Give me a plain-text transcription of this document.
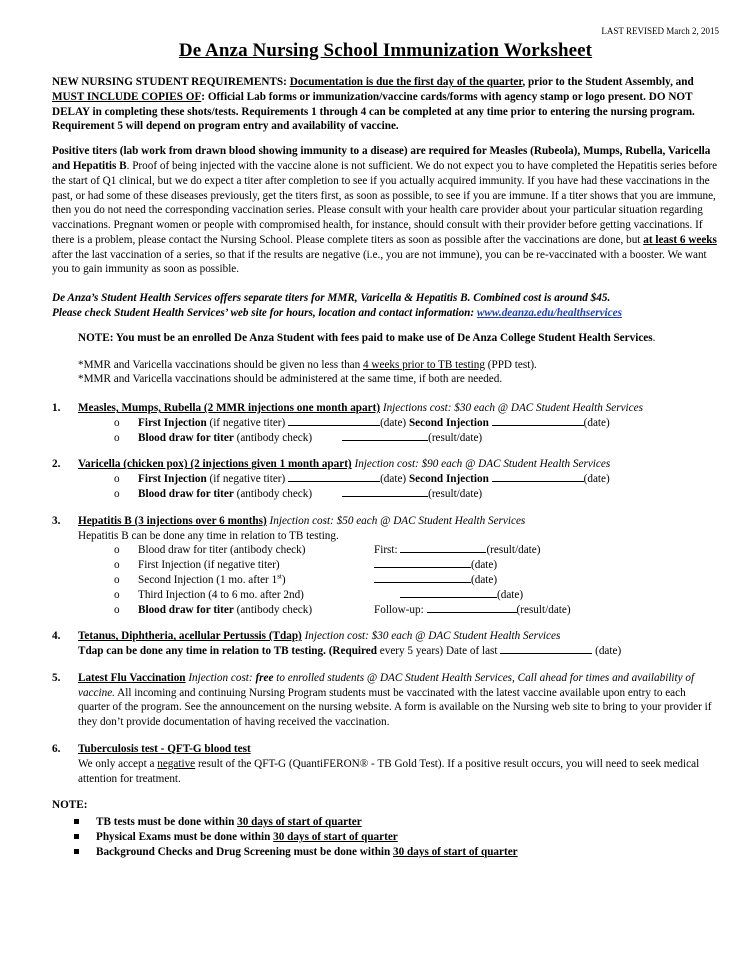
LAST REVISED March 2, 2015
De Anza Nursing School Immunization Worksheet

NEW NURSING STUDENT REQUIREMENTS: Documentation is due the first day of the quarter, prior to the Student Assembly, and MUST INCLUDE COPIES OF: Official Lab forms or immunization/vaccine cards/forms with agency stamp or logo present. DO NOT DELAY in completing these shots/tests. Requirements 1 through 4 can be completed at any time prior to entering the nursing program. Requirement 5 will depend on program entry and availability of vaccine.

Positive titers (lab work from drawn blood showing immunity to a disease) are required for Measles (Rubeola), Mumps, Rubella, Varicella and Hepatitis B. Proof of being injected with the vaccine alone is not sufficient. We do not expect you to have completed the Hepatitis series before the start of Q1 clinical, but we do expect a titer after completion to see if you actually acquired immunity. If you have had these vaccinations in the past, or had some of these diseases previously, get the titers first, as soon as possible, to see if you are immune. If a titer shows that you are immune, then you do not need the corresponding vaccination series. Please consult with your health care provider about your particular situation regarding vaccinations. Pregnant women or people with compromised health, for instance, should consult with their provider before getting vaccinations. If there is a problem, please contact the Nursing School. Please complete titers as soon as possible after the vaccinations are done, but at least 6 weeks after the last vaccination of a series, so that if the results are negative (i.e., you are not immune), you can be re-vaccinated with a booster. We want you to gain immunity as soon as possible.

De Anza’s Student Health Services offers separate titers for MMR, Varicella & Hepatitis B. Combined cost is around $45.
Please check Student Health Services’ web site for hours, location and contact information: www.deanza.edu/healthservices

NOTE: You must be an enrolled De Anza Student with fees paid to make use of De Anza College Student Health Services.

*MMR and Varicella vaccinations should be given no less than 4 weeks prior to TB testing (PPD test).
*MMR and Varicella vaccinations should be administered at the same time, if both are needed.

1. Measles, Mumps, Rubella (2 MMR injections one month apart) Injections cost: $30 each @ DAC Student Health Services
o First Injection (if negative titer)	(date) Second Injection	(date)
o Blood draw for titer (antibody check)	(result/date)
2. Varicella (chicken pox) (2 injections given 1 month apart) Injection cost: $90 each @ DAC Student Health Services
o First Injection (if negative titer)	(date) Second Injection	(date)
o Blood draw for titer (antibody check)	(result/date)
3. Hepatitis B (3 injections over 6 months) Injection cost: $50 each @ DAC Student Health Services
Hepatitis B can be done any time in relation to TB testing.
o Blood draw for titer (antibody check)	First:	(result/date)
o First Injection (if negative titer)	(date)
o Second Injection (1 mo. after 1st)	(date)
o Third Injection (4 to 6 mo. after 2nd)	(date)
o Blood draw for titer (antibody check)	Follow-up:	(result/date)
4. Tetanus, Diphtheria, acellular Pertussis (Tdap) Injection cost: $30 each @ DAC Student Health Services
Tdap can be done any time in relation to TB testing. (Required every 5 years) Date of last	(date)
5. Latest Flu Vaccination Injection cost: free to enrolled students @ DAC Student Health Services, Call ahead for times and availability of vaccine. All incoming and continuing Nursing Program students must be vaccinated with the latest vaccine available upon entry to each quarter of the program. See the announcement on the nursing website. A form is available on the Nursing web site to bring to your provider if they don’t provide documentation of having received the vaccination.
6. Tuberculosis test - QFT-G blood test
We only accept a negative result of the QFT-G (QuantiFERON® - TB Gold Test). If a positive result occurs, you will need to seek medical attention for treatment.
NOTE:
TB tests must be done within 30 days of start of quarter
Physical Exams must be done within 30 days of start of quarter
Background Checks and Drug Screening must be done within 30 days of start of quarter
